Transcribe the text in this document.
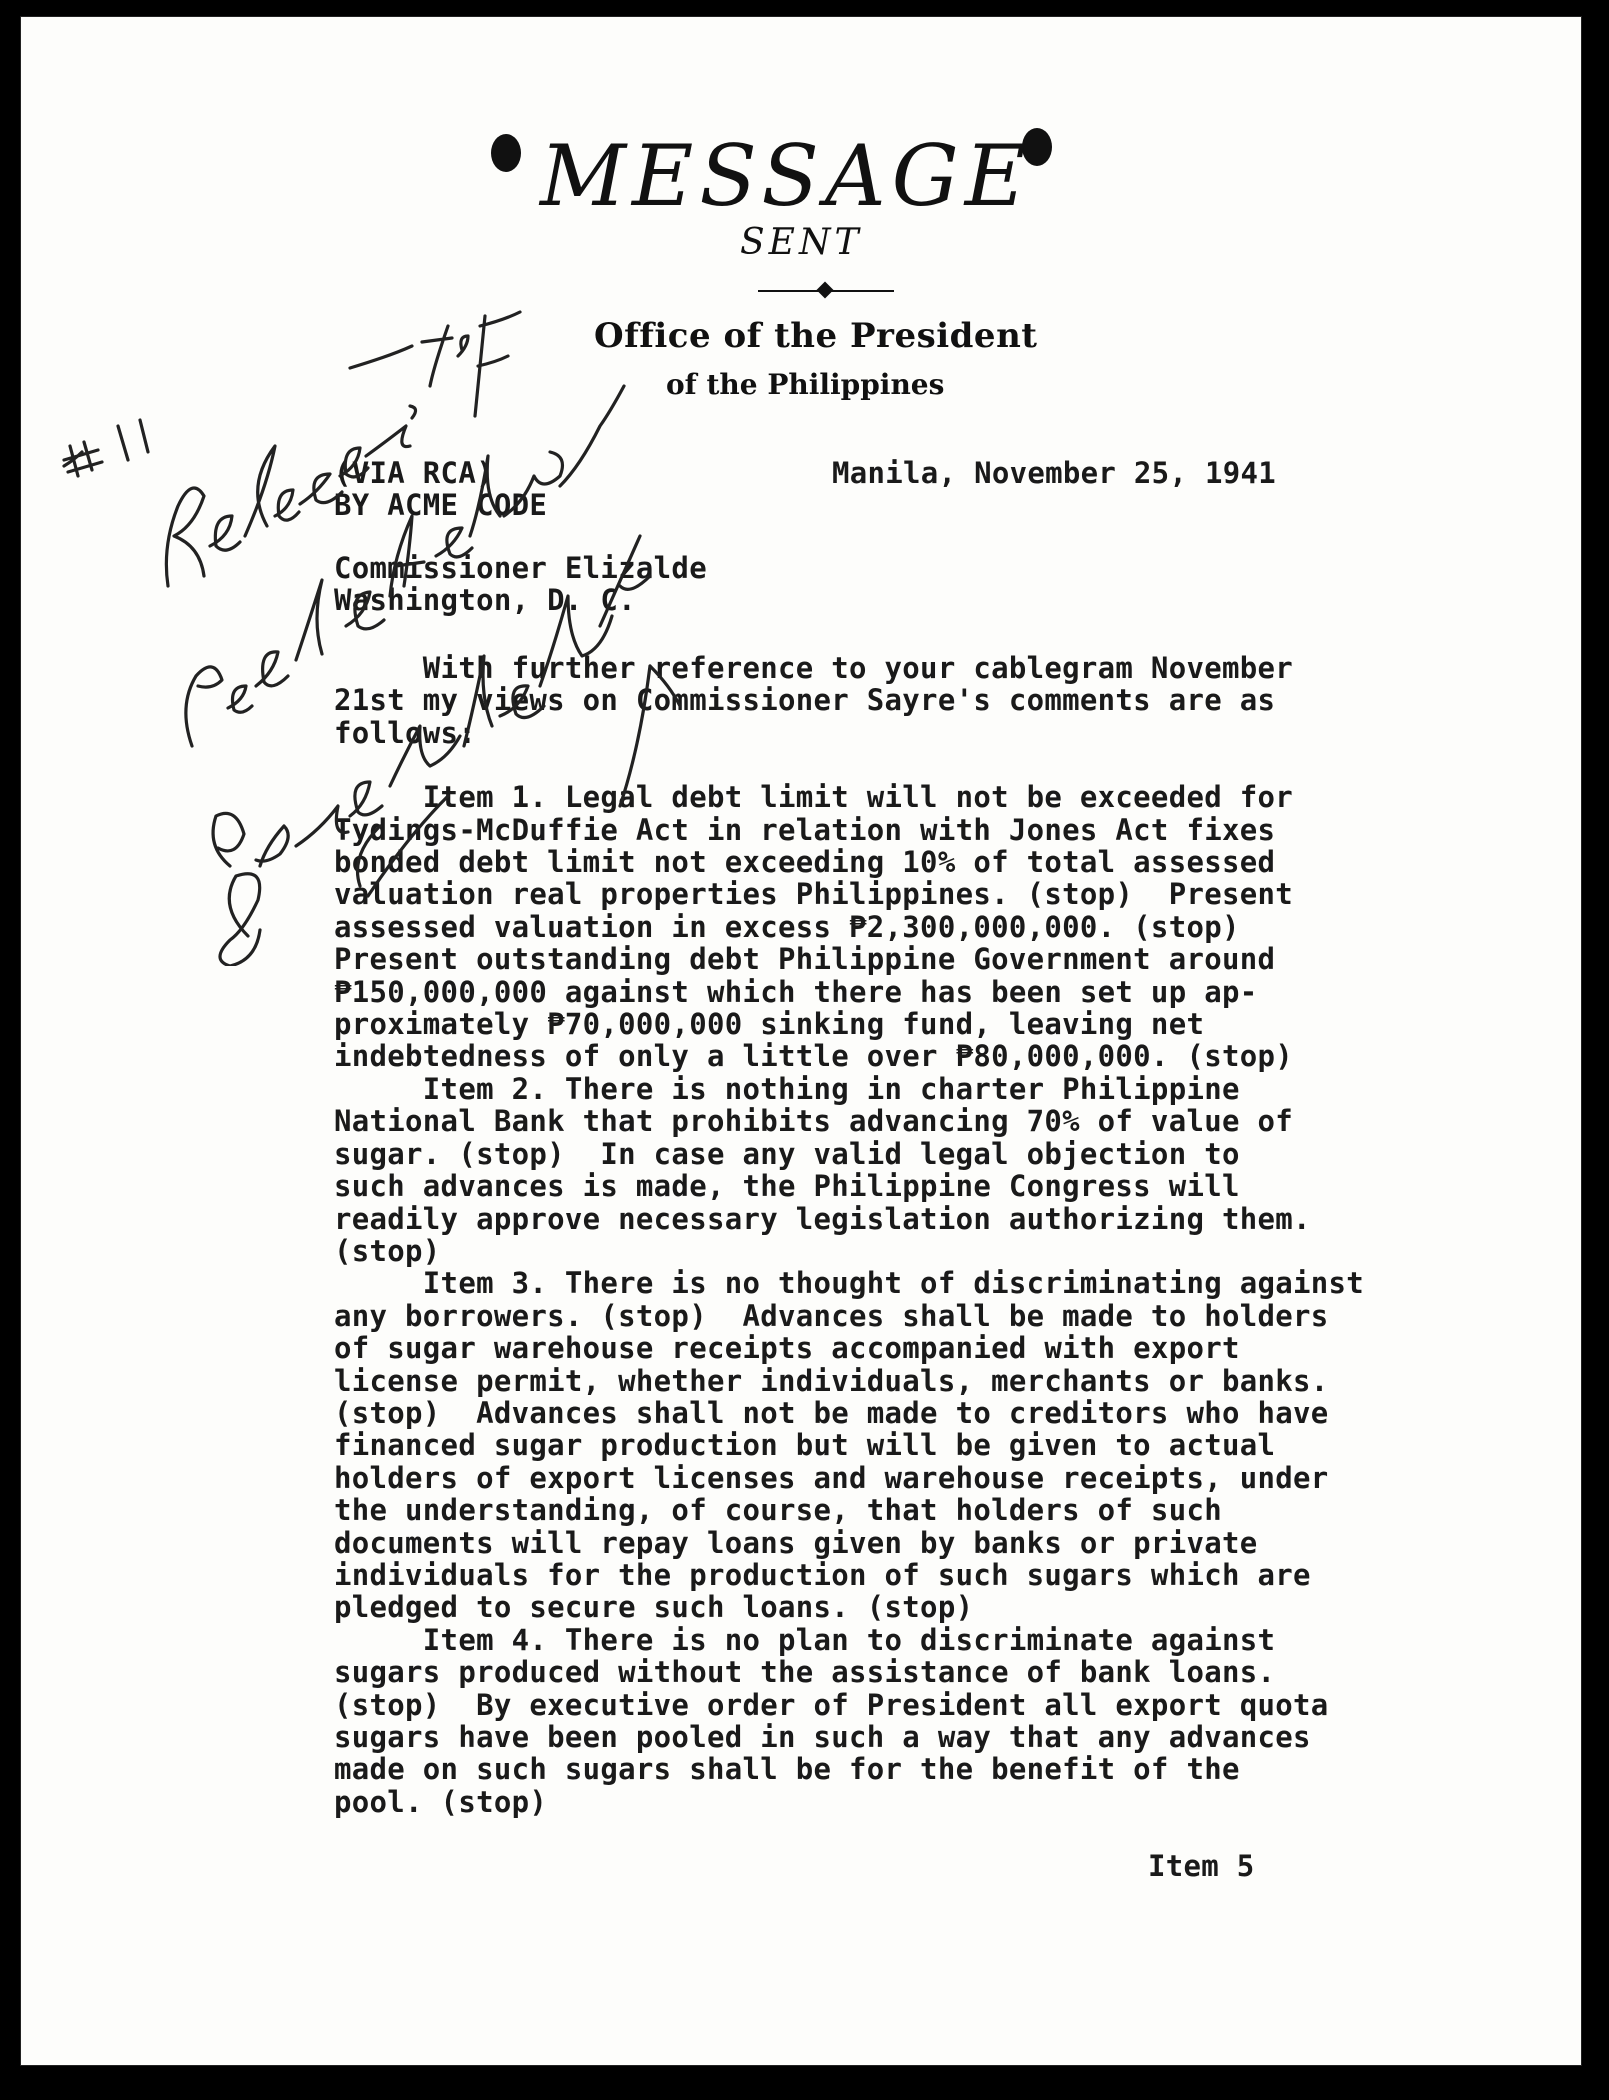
MESSAGE
SENT
Office of the President
of the Philippines
(VIA RCA)
BY ACME CODE
Manila, November 25, 1941
Commissioner Elizalde
Washington, D. C.
With further reference to your cablegram November
21st my views on Commissioner Sayre's comments are as
follows:
Item 1. Legal debt limit will not be exceeded for
Tydings-McDuffie Act in relation with Jones Act fixes
bonded debt limit not exceeding 10% of total assessed
valuation real properties Philippines. (stop)  Present
assessed valuation in excess ₱2,300,000,000. (stop)
Present outstanding debt Philippine Government around
₱150,000,000 against which there has been set up ap-
proximately ₱70,000,000 sinking fund, leaving net
indebtedness of only a little over ₱80,000,000. (stop)
Item 2. There is nothing in charter Philippine
National Bank that prohibits advancing 70% of value of
sugar. (stop)  In case any valid legal objection to
such advances is made, the Philippine Congress will
readily approve necessary legislation authorizing them.
(stop)
Item 3. There is no thought of discriminating against
any borrowers. (stop)  Advances shall be made to holders
of sugar warehouse receipts accompanied with export
license permit, whether individuals, merchants or banks.
(stop)  Advances shall not be made to creditors who have
financed sugar production but will be given to actual
holders of export licenses and warehouse receipts, under
the understanding, of course, that holders of such
documents will repay loans given by banks or private
individuals for the production of such sugars which are
pledged to secure such loans. (stop)
Item 4. There is no plan to discriminate against
sugars produced without the assistance of bank loans.
(stop)  By executive order of President all export quota
sugars have been pooled in such a way that any advances
made on such sugars shall be for the benefit of the
pool. (stop)
Item 5
